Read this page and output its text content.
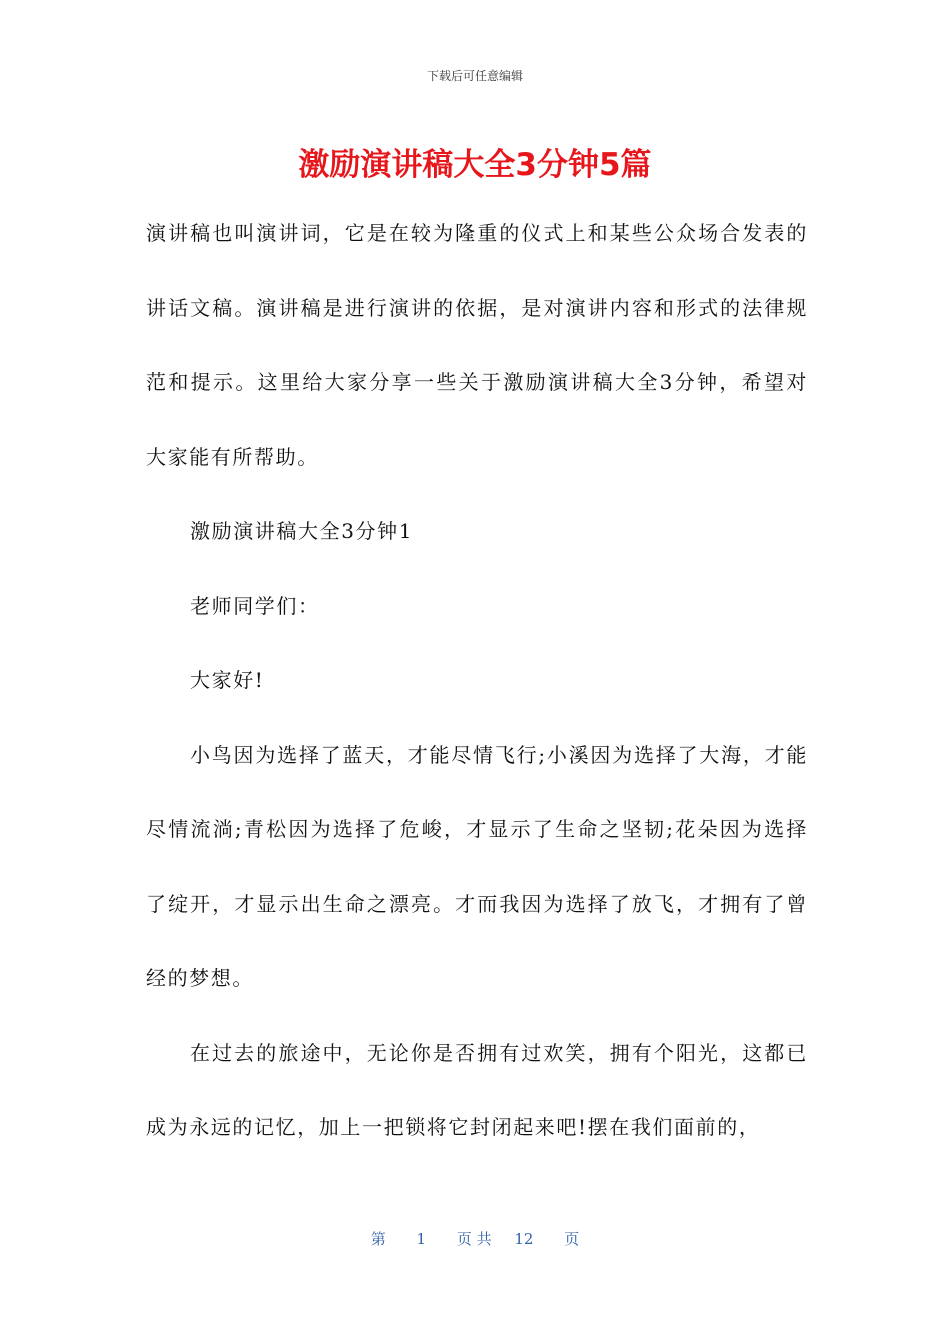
下载后可任意编辑
激励演讲稿大全3分钟5篇

演讲稿也叫演讲词，它是在较为隆重的仪式上和某些公众场合发表的讲话文稿。演讲稿是进行演讲的依据，是对演讲内容和形式的法律规范和提示。这里给大家分享一些关于激励演讲稿大全3分钟，希望对大家能有所帮助。

激励演讲稿大全3分钟1

老师同学们：

大家好!

小鸟因为选择了蓝天，才能尽情飞行;小溪因为选择了大海，才能尽情流淌;青松因为选择了危峻，才显示了生命之坚韧;花朵因为选择了绽开，才显示出生命之漂亮。才而我因为选择了放飞，才拥有了曾经的梦想。

在过去的旅途中，无论你是否拥有过欢笑，拥有个阳光，这都已成为永远的记忆，加上一把锁将它封闭起来吧!摆在我们面前的，

第 1 页 共 12 页
